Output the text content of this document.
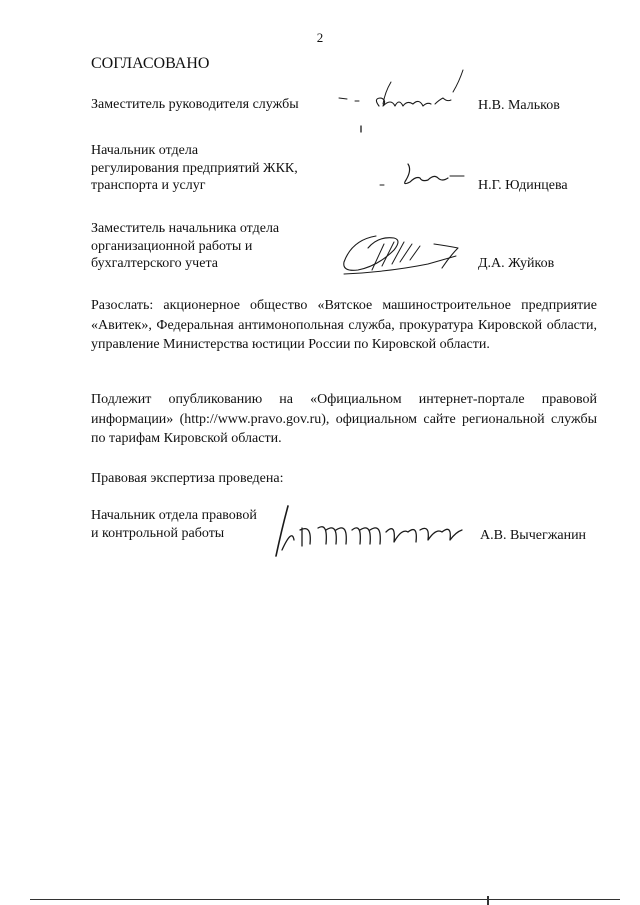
2
СОГЛАСОВАНО
Заместитель руководителя службы	Н.В. Мальков
Начальник отдела
регулирования предприятий ЖКК,
транспорта и услуг	Н.Г. Юдинцева
Заместитель начальника отдела
организационной работы и
бухгалтерского учета	Д.А. Жуйков
Разослать: акционерное общество «Вятское машиностроительное предприятие «Авитек», Федеральная антимонопольная служба, прокуратура Кировской области, управление Министерства юстиции России по Кировской области.
Подлежит опубликованию на «Официальном интернет-портале правовой информации» (http://www.pravo.gov.ru), официальном сайте региональной службы по тарифам Кировской области.
Правовая экспертиза проведена:
Начальник отдела правовой
и контрольной работы	А.В. Вычегжанин
